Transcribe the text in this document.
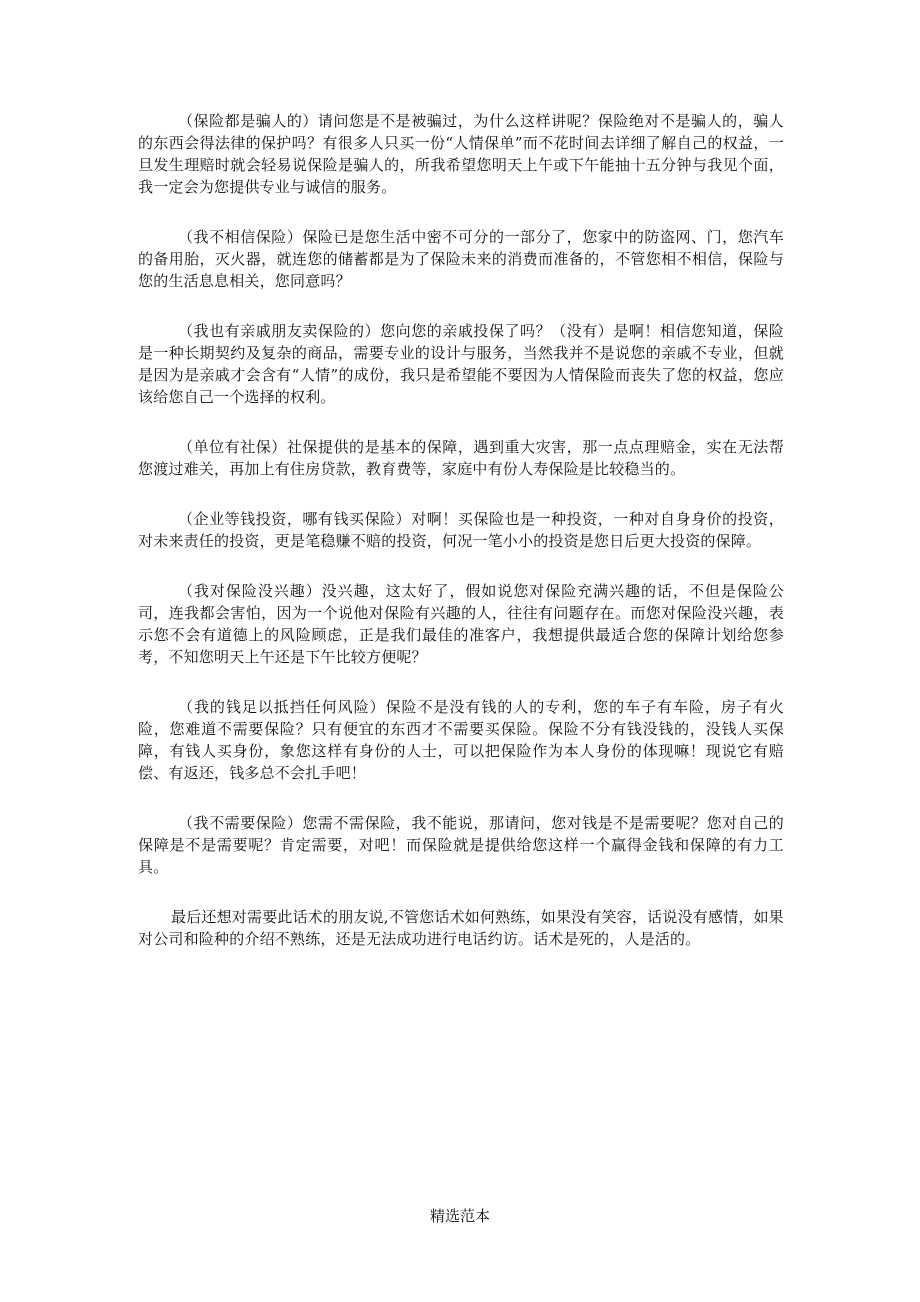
（保险都是骗人的）请问您是不是被骗过，为什么这样讲呢？保险绝对不是骗人的，骗人的东西会得法律的保护吗？有很多人只买一份“人情保单”而不花时间去详细了解自己的权益，一旦发生理赔时就会轻易说保险是骗人的，所我希望您明天上午或下午能抽十五分钟与我见个面，我一定会为您提供专业与诚信的服务。

（我不相信保险）保险已是您生活中密不可分的一部分了，您家中的防盗网、门，您汽车的备用胎，灭火器，就连您的储蓄都是为了保险未来的消费而准备的，不管您相不相信，保险与您的生活息息相关，您同意吗？

（我也有亲戚朋友卖保险的）您向您的亲戚投保了吗？（没有）是啊！相信您知道，保险是一种长期契约及复杂的商品，需要专业的设计与服务，当然我并不是说您的亲戚不专业，但就是因为是亲戚才会含有“人情”的成份，我只是希望能不要因为人情保险而丧失了您的权益，您应该给您自己一个选择的权利。

（单位有社保）社保提供的是基本的保障，遇到重大灾害，那一点点理赔金，实在无法帮您渡过难关，再加上有住房贷款，教育费等，家庭中有份人寿保险是比较稳当的。

（企业等钱投资，哪有钱买保险）对啊！买保险也是一种投资，一种对自身身价的投资，对未来责任的投资，更是笔稳赚不赔的投资，何况一笔小小的投资是您日后更大投资的保障。

（我对保险没兴趣）没兴趣，这太好了，假如说您对保险充满兴趣的话，不但是保险公司，连我都会害怕，因为一个说他对保险有兴趣的人，往往有问题存在。而您对保险没兴趣，表示您不会有道德上的风险顾虑，正是我们最佳的准客户，我想提供最适合您的保障计划给您参考，不知您明天上午还是下午比较方便呢？

（我的钱足以抵挡任何风险）保险不是没有钱的人的专利，您的车子有车险，房子有火险，您难道不需要保险？只有便宜的东西才不需要买保险。保险不分有钱没钱的，没钱人买保障，有钱人买身份，象您这样有身份的人士，可以把保险作为本人身份的体现嘛！现说它有赔偿、有返还，钱多总不会扎手吧！

（我不需要保险）您需不需保险，我不能说，那请问，您对钱是不是需要呢？您对自己的保障是不是需要呢？肯定需要，对吧！而保险就是提供给您这样一个赢得金钱和保障的有力工具。

最后还想对需要此话术的朋友说,不管您话术如何熟练，如果没有笑容，话说没有感情，如果对公司和险种的介绍不熟练，还是无法成功进行电话约访。话术是死的，人是活的。

精选范本
